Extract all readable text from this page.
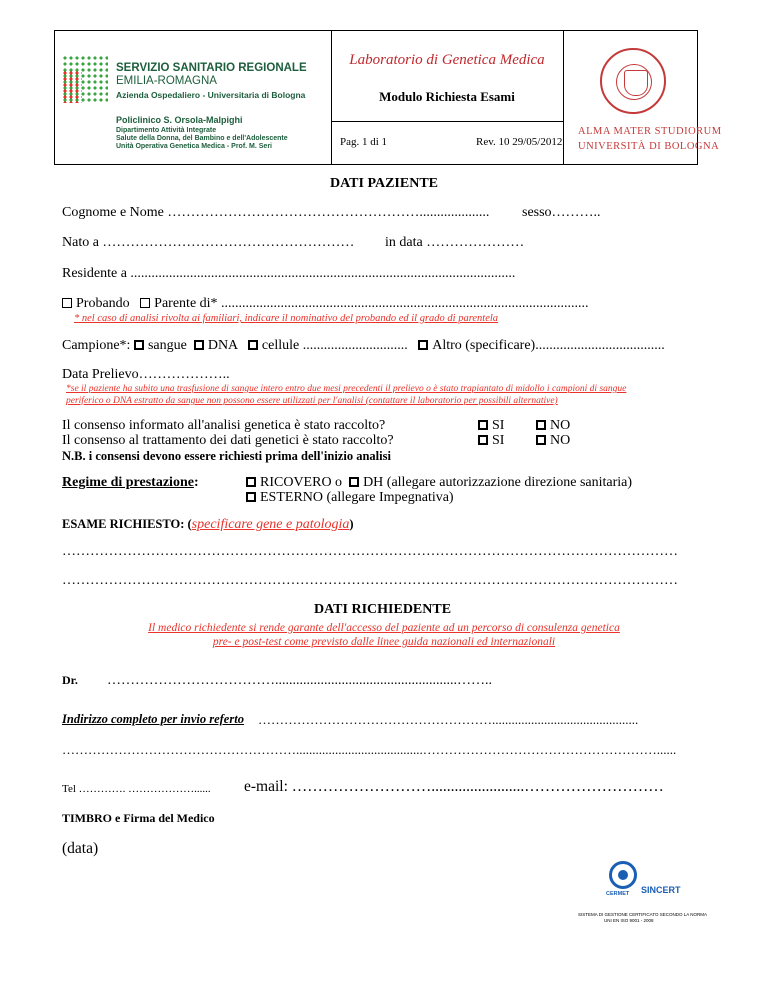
SERVIZIO SANITARIO REGIONALE
EMILIA-ROMAGNA
Azienda Ospedaliero - Universitaria di Bologna
Policlinico S. Orsola-Malpighi
Dipartimento Attività Integrate
Salute della Donna, del Bambino e dell'Adolescente
Unità Operativa Genetica Medica - Prof. M. Seri
Laboratorio di Genetica Medica
Modulo Richiesta Esami
Pag. 1 di 1	Rev. 10 29/05/2012
ALMA MATER STUDIORUM
UNIVERSITÀ DI BOLOGNA
DATI PAZIENTE
Cognome e Nome ……………………………………………….................... sesso………..
Nato a ……………………………………………… in data …………………
Residente a ..............................................................................................................
Probando Parente di* .........................................................................................................
* nel caso di analisi rivolta ai familiari, indicare il nominativo del probando ed il grado di parentela
Campione*: sangue DNA cellule .............................. Altro (specificare).....................................
Data Prelievo………………..
*se il paziente ha subito una trasfusione di sangue intero entro due mesi precedenti il prelievo o è stato trapiantato di midollo i campioni di sangue
periferico o DNA estratto da sangue non possono essere utilizzati per l'analisi (contattare il laboratorio per possibili alternative)
Il consenso informato all'analisi genetica è stato raccolto?
Il consenso al trattamento dei dati genetici è stato raccolto?
N.B. i consensi devono essere richiesti prima dell'inizio analisi
SI
SI
NO
NO
Regime di prestazione:	RICOVERO o DH (allegare autorizzazione direzione sanitaria)
ESTERNO (allegare Impegnativa)
ESAME RICHIESTO: (specificare gene e patologia)
……………………………………………………………………………………………………………………
……………………………………………………………………………………………………………………
DATI RICHIEDENTE
Il medico richiedente si rende garante dell'accesso del paziente ad un percorso di consulenza genetica
pre- e post-test come previsto dalle linee guida nazionali ed internazionali
Dr. ………………………………....................................................……..
Indirizzo completo per invio referto ……………………………………………….............................................
……………………………………………….......................................………………………………………………......
Tel …………. ………………...... e-mail: ………………………........................………………………
TIMBRO e Firma del Medico
(data)
CERMET SINCERT
SISTEMA DI GESTIONE CERTIFICATO SECONDO LA NORMA
UNI EN ISO 9001 - 2008
